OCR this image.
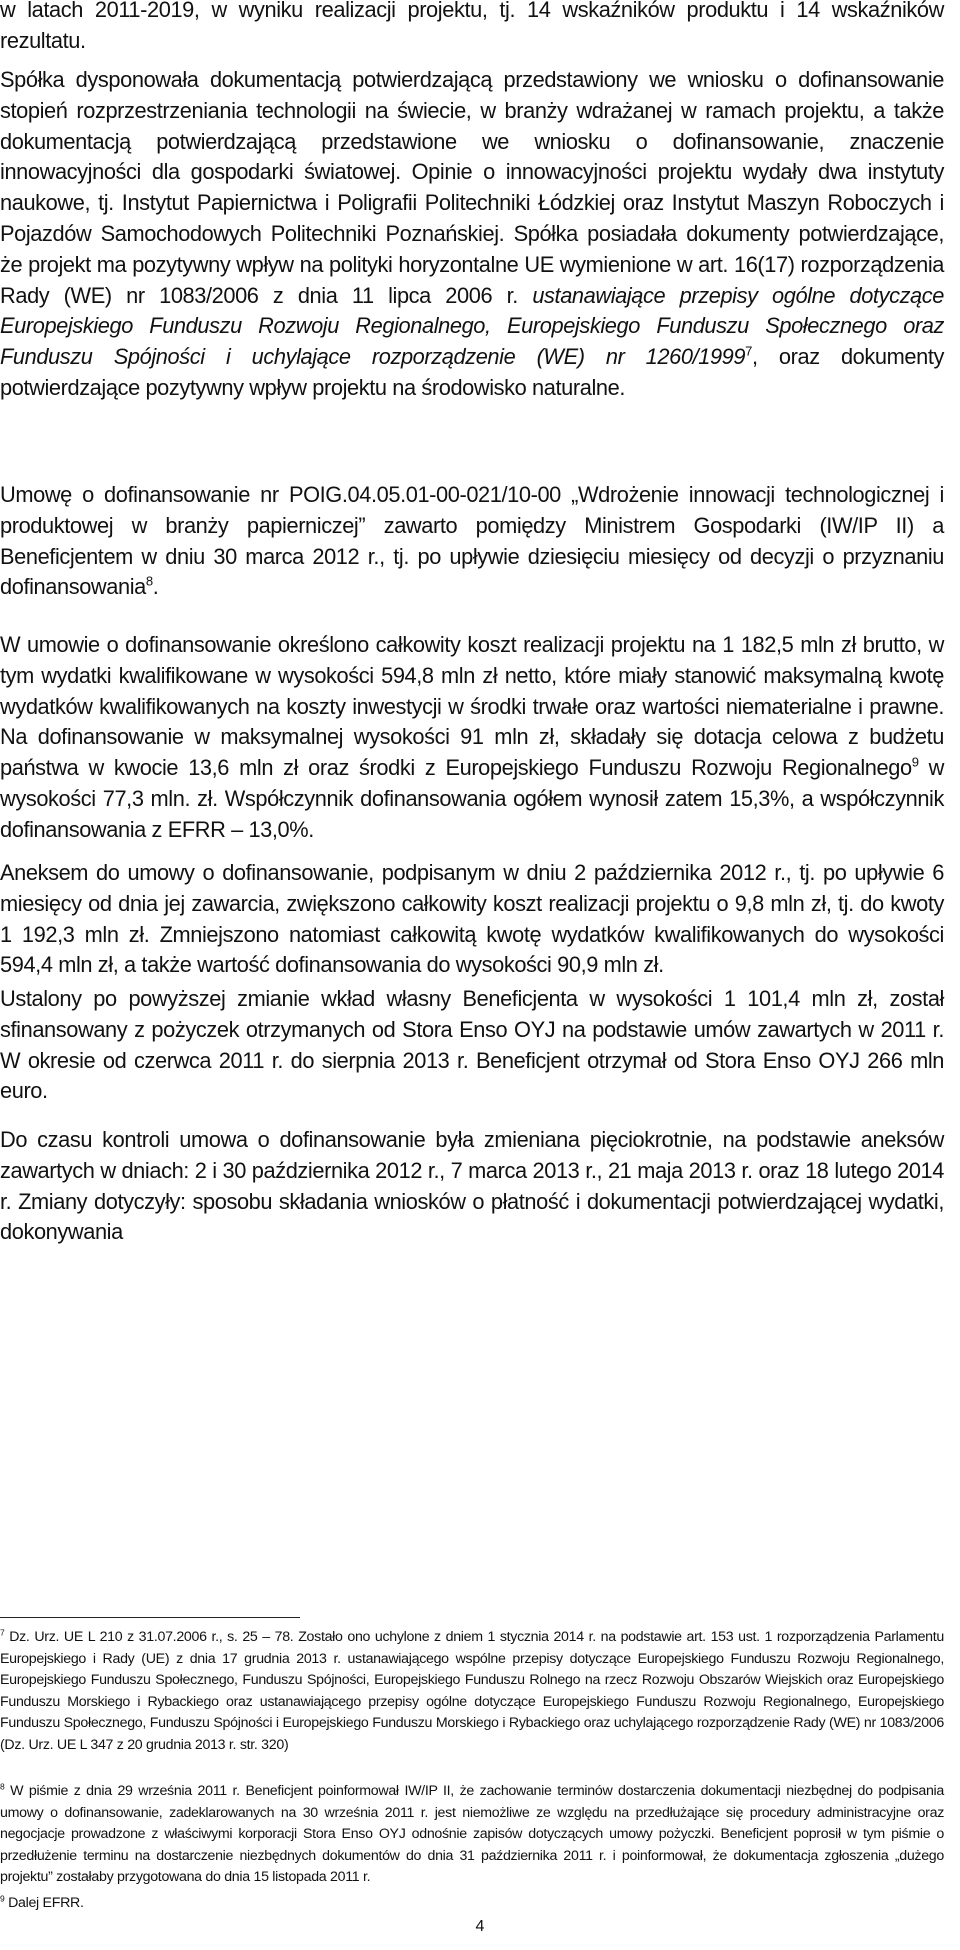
w latach 2011-2019, w wyniku realizacji projektu, tj. 14 wskaźników produktu i 14 wskaźników rezultatu.

Spółka dysponowała dokumentacją potwierdzającą przedstawiony we wniosku o dofinansowanie stopień rozprzestrzeniania technologii na świecie, w branży wdrażanej w ramach projektu, a także dokumentacją potwierdzającą przedstawione we wniosku o dofinansowanie, znaczenie innowacyjności dla gospodarki światowej. Opinie o innowacyjności projektu wydały dwa instytuty naukowe, tj. Instytut Papiernictwa i Poligrafii Politechniki Łódzkiej oraz Instytut Maszyn Roboczych i Pojazdów Samochodowych Politechniki Poznańskiej. Spółka posiadała dokumenty potwierdzające, że projekt ma pozytywny wpływ na polityki horyzontalne UE wymienione w art. 16(17) rozporządzenia Rady (WE) nr 1083/2006 z dnia 11 lipca 2006 r. ustanawiające przepisy ogólne dotyczące Europejskiego Funduszu Rozwoju Regionalnego, Europejskiego Funduszu Społecznego oraz Funduszu Spójności i uchylające rozporządzenie (WE) nr 1260/1999$^7$, oraz dokumenty potwierdzające pozytywny wpływ projektu na środowisko naturalne.

Umowę o dofinansowanie nr POIG.04.05.01-00-021/10-00 „Wdrożenie innowacji technologicznej i produktowej w branży papierniczej” zawarto pomiędzy Ministrem Gospodarki (IW/IP II) a Beneficjentem w dniu 30 marca 2012 r., tj. po upływie dziesięciu miesięcy od decyzji o przyznaniu dofinansowania$^8$.

W umowie o dofinansowanie określono całkowity koszt realizacji projektu na 1 182,5 mln zł brutto, w tym wydatki kwalifikowane w wysokości 594,8 mln zł netto, które miały stanowić maksymalną kwotę wydatków kwalifikowanych na koszty inwestycji w środki trwałe oraz wartości niematerialne i prawne. Na dofinansowanie w maksymalnej wysokości 91 mln zł, składały się dotacja celowa z budżetu państwa w kwocie 13,6 mln zł oraz środki z Europejskiego Funduszu Rozwoju Regionalnego$^9$ w wysokości 77,3 mln. zł. Współczynnik dofinansowania ogółem wynosił zatem 15,3%, a współczynnik dofinansowania z EFRR – 13,0%.

Aneksem do umowy o dofinansowanie, podpisanym w dniu 2 października 2012 r., tj. po upływie 6 miesięcy od dnia jej zawarcia, zwiększono całkowity koszt realizacji projektu o 9,8 mln zł, tj. do kwoty 1 192,3 mln zł. Zmniejszono natomiast całkowitą kwotę wydatków kwalifikowanych do wysokości 594,4 mln zł, a także wartość dofinansowania do wysokości 90,9 mln zł.

Ustalony po powyższej zmianie wkład własny Beneficjenta w wysokości 1 101,4 mln zł, został sfinansowany z pożyczek otrzymanych od Stora Enso OYJ na podstawie umów zawartych w 2011 r. W okresie od czerwca 2011 r. do sierpnia 2013 r. Beneficjent otrzymał od Stora Enso OYJ 266 mln euro.

Do czasu kontroli umowa o dofinansowanie była zmieniana pięciokrotnie, na podstawie aneksów zawartych w dniach: 2 i 30 października 2012 r., 7 marca 2013 r., 21 maja 2013 r. oraz 18 lutego 2014 r. Zmiany dotyczyły: sposobu składania wniosków o płatność i dokumentacji potwierdzającej wydatki, dokonywania

$^7$ Dz. Urz. UE L 210 z 31.07.2006 r., s. 25 – 78. Zostało ono uchylone z dniem 1 stycznia 2014 r. na podstawie art. 153 ust. 1 rozporządzenia Parlamentu Europejskiego i Rady (UE) z dnia 17 grudnia 2013 r. ustanawiającego wspólne przepisy dotyczące Europejskiego Funduszu Rozwoju Regionalnego, Europejskiego Funduszu Społecznego, Funduszu Spójności, Europejskiego Funduszu Rolnego na rzecz Rozwoju Obszarów Wiejskich oraz Europejskiego Funduszu Morskiego i Rybackiego oraz ustanawiającego przepisy ogólne dotyczące Europejskiego Funduszu Rozwoju Regionalnego, Europejskiego Funduszu Społecznego, Funduszu Spójności i Europejskiego Funduszu Morskiego i Rybackiego oraz uchylającego rozporządzenie Rady (WE) nr 1083/2006 (Dz. Urz. UE L 347 z 20 grudnia 2013 r. str. 320)

$^8$ W piśmie z dnia 29 września 2011 r. Beneficjent poinformował IW/IP II, że zachowanie terminów dostarczenia dokumentacji niezbędnej do podpisania umowy o dofinansowanie, zadeklarowanych na 30 września 2011 r. jest niemożliwe ze względu na przedłużające się procedury administracyjne oraz negocjacje prowadzone z właściwymi korporacji Stora Enso OYJ odnośnie zapisów dotyczących umowy pożyczki. Beneficjent poprosił w tym piśmie o przedłużenie terminu na dostarczenie niezbędnych dokumentów do dnia 31 października 2011 r. i poinformował, że dokumentacja zgłoszenia „dużego projektu” zostałaby przygotowana do dnia 15 listopada 2011 r.

$^9$ Dalej EFRR.

4
